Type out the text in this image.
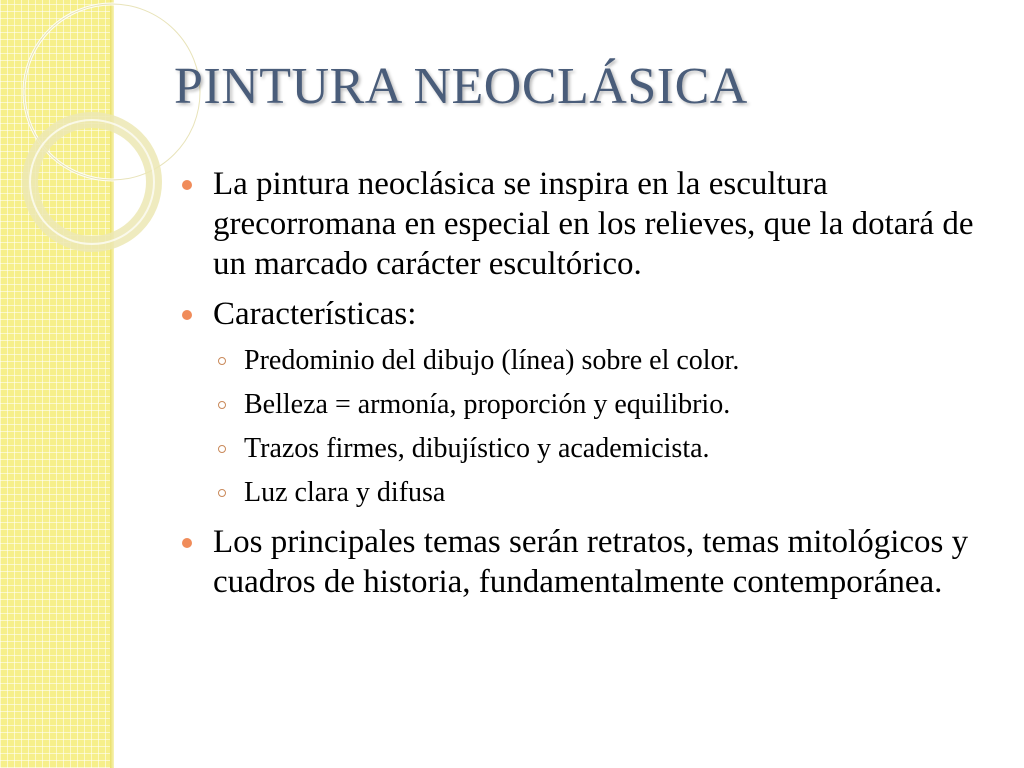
PINTURA NEOCLÁSICA
La pintura neoclásica se inspira en la escultura grecorromana en especial en los relieves, que la dotará de un marcado carácter escultórico.
Características:
Predominio del dibujo (línea) sobre el color.
Belleza = armonía, proporción y equilibrio.
Trazos firmes, dibujístico y academicista.
Luz clara y difusa
Los principales temas serán retratos, temas mitológicos y cuadros de historia, fundamentalmente contemporánea.
